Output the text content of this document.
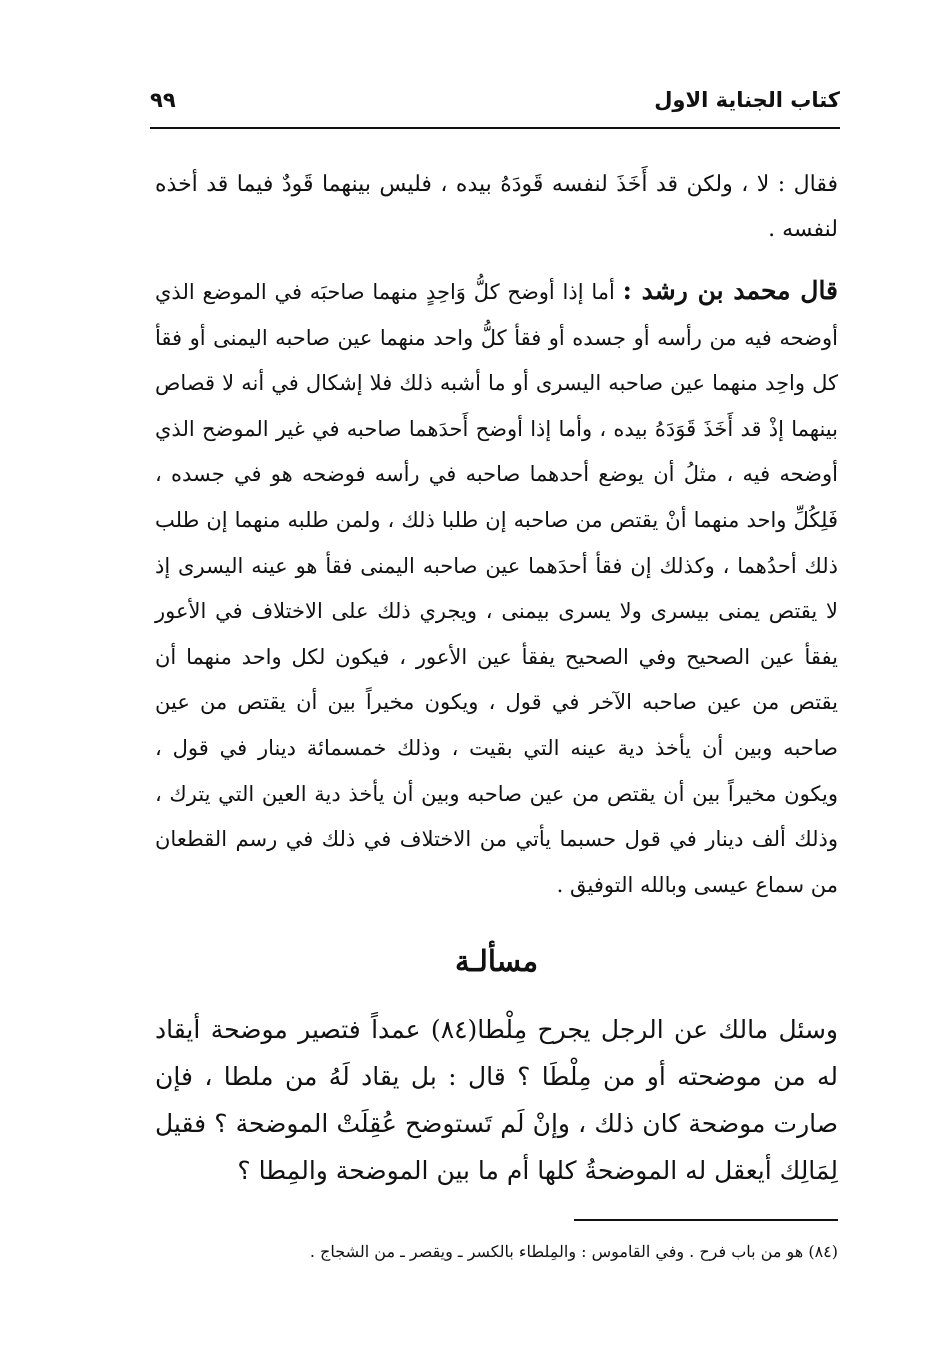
كتاب الجناية الاول
٩٩
فقال : لا ، ولكن قد أَخَذَ لنفسه قَودَهُ بيده ، فليس بينهما قَودٌ فيما قد أخذه لنفسه .
قال محمد بن رشد : أما إذا أوضح كلُّ وَاحِدٍ منهما صاحبَه في الموضع الذي أوضحه فيه من رأسه أو جسده أو فقأ كلُّ واحد منهما عين صاحبه اليمنى أو فقأ كل واحِد منهما عين صاحبه اليسرى أو ما أشبه ذلك فلا إشكال في أنه لا قصاص بينهما إذْ قد أَخَذَ قَوَدَهُ بيده ، وأما إذا أوضح أَحدَهما صاحبه في غير الموضح الذي أوضحه فيه ، مثلُ أن يوضع أحدهما صاحبه في رأسه فوضحه هو في جسده ، فَلِكُلِّ واحد منهما أنْ يقتص من صاحبه إن طلبا ذلك ، ولمن طلبه منهما إن طلب ذلك أحدُهما ، وكذلك إن فقأ أحدَهما عين صاحبه اليمنى فقأ هو عينه اليسرى إذ لا يقتص يمنى بيسرى ولا يسرى بيمنى ، ويجري ذلك على الاختلاف في الأعور يفقأ عين الصحيح وفي الصحيح يفقأ عين الأعور ، فيكون لكل واحد منهما أن يقتص من عين صاحبه الآخر في قول ، ويكون مخيراً بين أن يقتص من عين صاحبه وبين أن يأخذ دية عينه التي بقيت ، وذلك خمسمائة دينار في قول ، ويكون مخيراً بين أن يقتص من عين صاحبه وبين أن يأخذ دية العين التي يترك ، وذلك ألف دينار في قول حسبما يأتي من الاختلاف في ذلك في رسم القطعان من سماع عيسى وبالله التوفيق .
مسألـة
وسئل مالك عن الرجل يجرح مِلْطا(٨٤) عمداً فتصير موضحة أيقاد له من موضحته أو من مِلْطَا ؟ قال : بل يقاد لَهُ من ملطا ، فإن صارت موضحة كان ذلك ، وإنْ لَم تَستوضح عُقِلَتْ الموضحة ؟ فقيل لِمَالِك أيعقل له الموضحةُ كلها أم ما بين الموضحة والمِطا ؟
(٨٤) هو من باب فرح . وفي القاموس : والمِلطاء بالكسر ـ ويقصر ـ من الشجاج .
